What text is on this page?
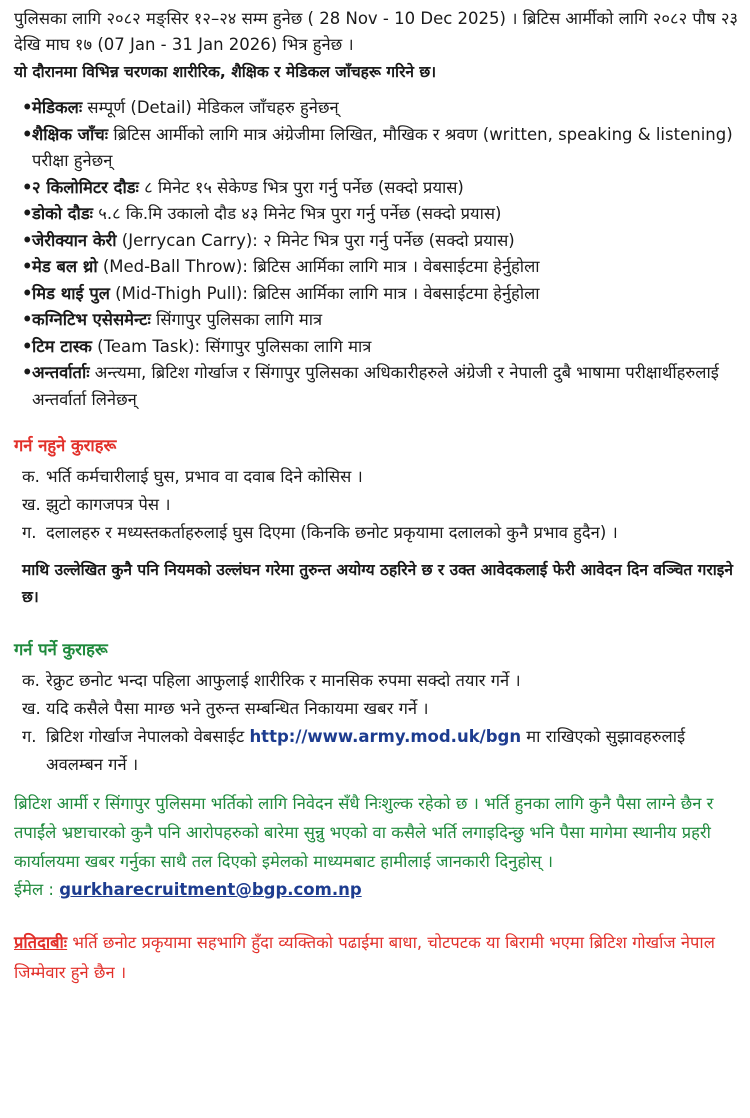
पुलिसका लागि २०८२ मङ्सिर १२–२४ सम्म हुनेछ ( 28 Nov - 10 Dec 2025) । ब्रिटिस आर्मीको लागि २०८२ पौष २३ देखि माघ १७ (07 Jan - 31 Jan 2026) भित्र हुनेछ ।

यो दौरानमा विभिन्न चरणका शारीरिक, शैक्षिक र मेडिकल जाँचहरू गरिने छ।

• मेडिकलः सम्पूर्ण (Detail) मेडिकल जाँचहरु हुनेछन्
• शैक्षिक जाँचः ब्रिटिस आर्मीको लागि मात्र अंग्रेजीमा लिखित, मौखिक र श्रवण (written, speaking & listening) परीक्षा हुनेछन्
• २ किलोमिटर दौडः ८ मिनेट १५ सेकेण्ड भित्र पुरा गर्नु पर्नेछ (सक्दो प्रयास)
• डोको दौडः ५.८ कि.मि उकालो दौड ४३ मिनेट भित्र पुरा गर्नु पर्नेछ (सक्दो प्रयास)
• जेरीक्यान केरी (Jerrycan Carry): २ मिनेट भित्र पुरा गर्नु पर्नेछ (सक्दो प्रयास)
• मेड बल थ्रो (Med-Ball Throw): ब्रिटिस आर्मिका लागि मात्र । वेबसाईटमा हेर्नुहोला
• मिड थाई पुल (Mid-Thigh Pull): ब्रिटिस आर्मिका लागि मात्र । वेबसाईटमा हेर्नुहोला
• कग्निटिभ एसेसमेन्टः सिंगापुर पुलिसका लागि मात्र
• टिम टास्क (Team Task): सिंगापुर पुलिसका लागि मात्र
• अन्तर्वार्ताः अन्त्यमा, ब्रिटिश गोर्खाज र सिंगापुर पुलिसका अधिकारीहरुले अंग्रेजी र नेपाली दुबै भाषामा परीक्षार्थीहरुलाई अन्तर्वार्ता लिनेछन्

गर्न नहुने कुराहरू

क. भर्ति कर्मचारीलाई घुस, प्रभाव वा दवाब दिने कोसिस ।
ख. झुटो कागजपत्र पेस ।
ग. दलालहरु र मध्यस्तकर्ताहरुलाई घुस दिएमा (किनकि छनोट प्रकृयामा दलालको कुनै प्रभाव हुदैन) ।

माथि उल्लेखित कुनै पनि नियमको उल्लंघन गरेमा तुरुन्त अयोग्य ठहरिने छ र उक्त आवेदकलाई फेरी आवेदन दिन वञ्चित गराइने छ।

गर्न पर्ने कुराहरू

क. रेक्रुट छनोट भन्दा पहिला आफुलाई शारीरिक र मानसिक रुपमा सक्दो तयार गर्ने ।
ख. यदि कसैले पैसा माग्छ भने तुरुन्त सम्बन्धित निकायमा खबर गर्ने ।
ग. ब्रिटिश गोर्खाज नेपालको वेबसाईट http://www.army.mod.uk/bgn मा राखिएको सुझावहरुलाई अवलम्बन गर्ने ।

ब्रिटिश आर्मी र सिंगापुर पुलिसमा भर्तिको लागि निवेदन सँधै निःशुल्क रहेको छ । भर्ति हुनका लागि कुनै पैसा लाग्ने छैन र तपाईंले भ्रष्टाचारको कुनै पनि आरोपहरुको बारेमा सुन्नु भएको वा कसैले भर्ति लगाइदिन्छु भनि पैसा मागेमा स्थानीय प्रहरी कार्यालयमा खबर गर्नुका साथै तल दिएको इमेलको माध्यमबाट हामीलाई जानकारी दिनुहोस् ।

ईमेल : gurkharecruitment@bgp.com.np

प्रतिदाबीः भर्ति छनोट प्रकृयामा सहभागि हुँदा व्यक्तिको पढाईमा बाधा, चोटपटक या बिरामी भएमा ब्रिटिश गोर्खाज नेपाल जिम्मेवार हुने छैन ।
